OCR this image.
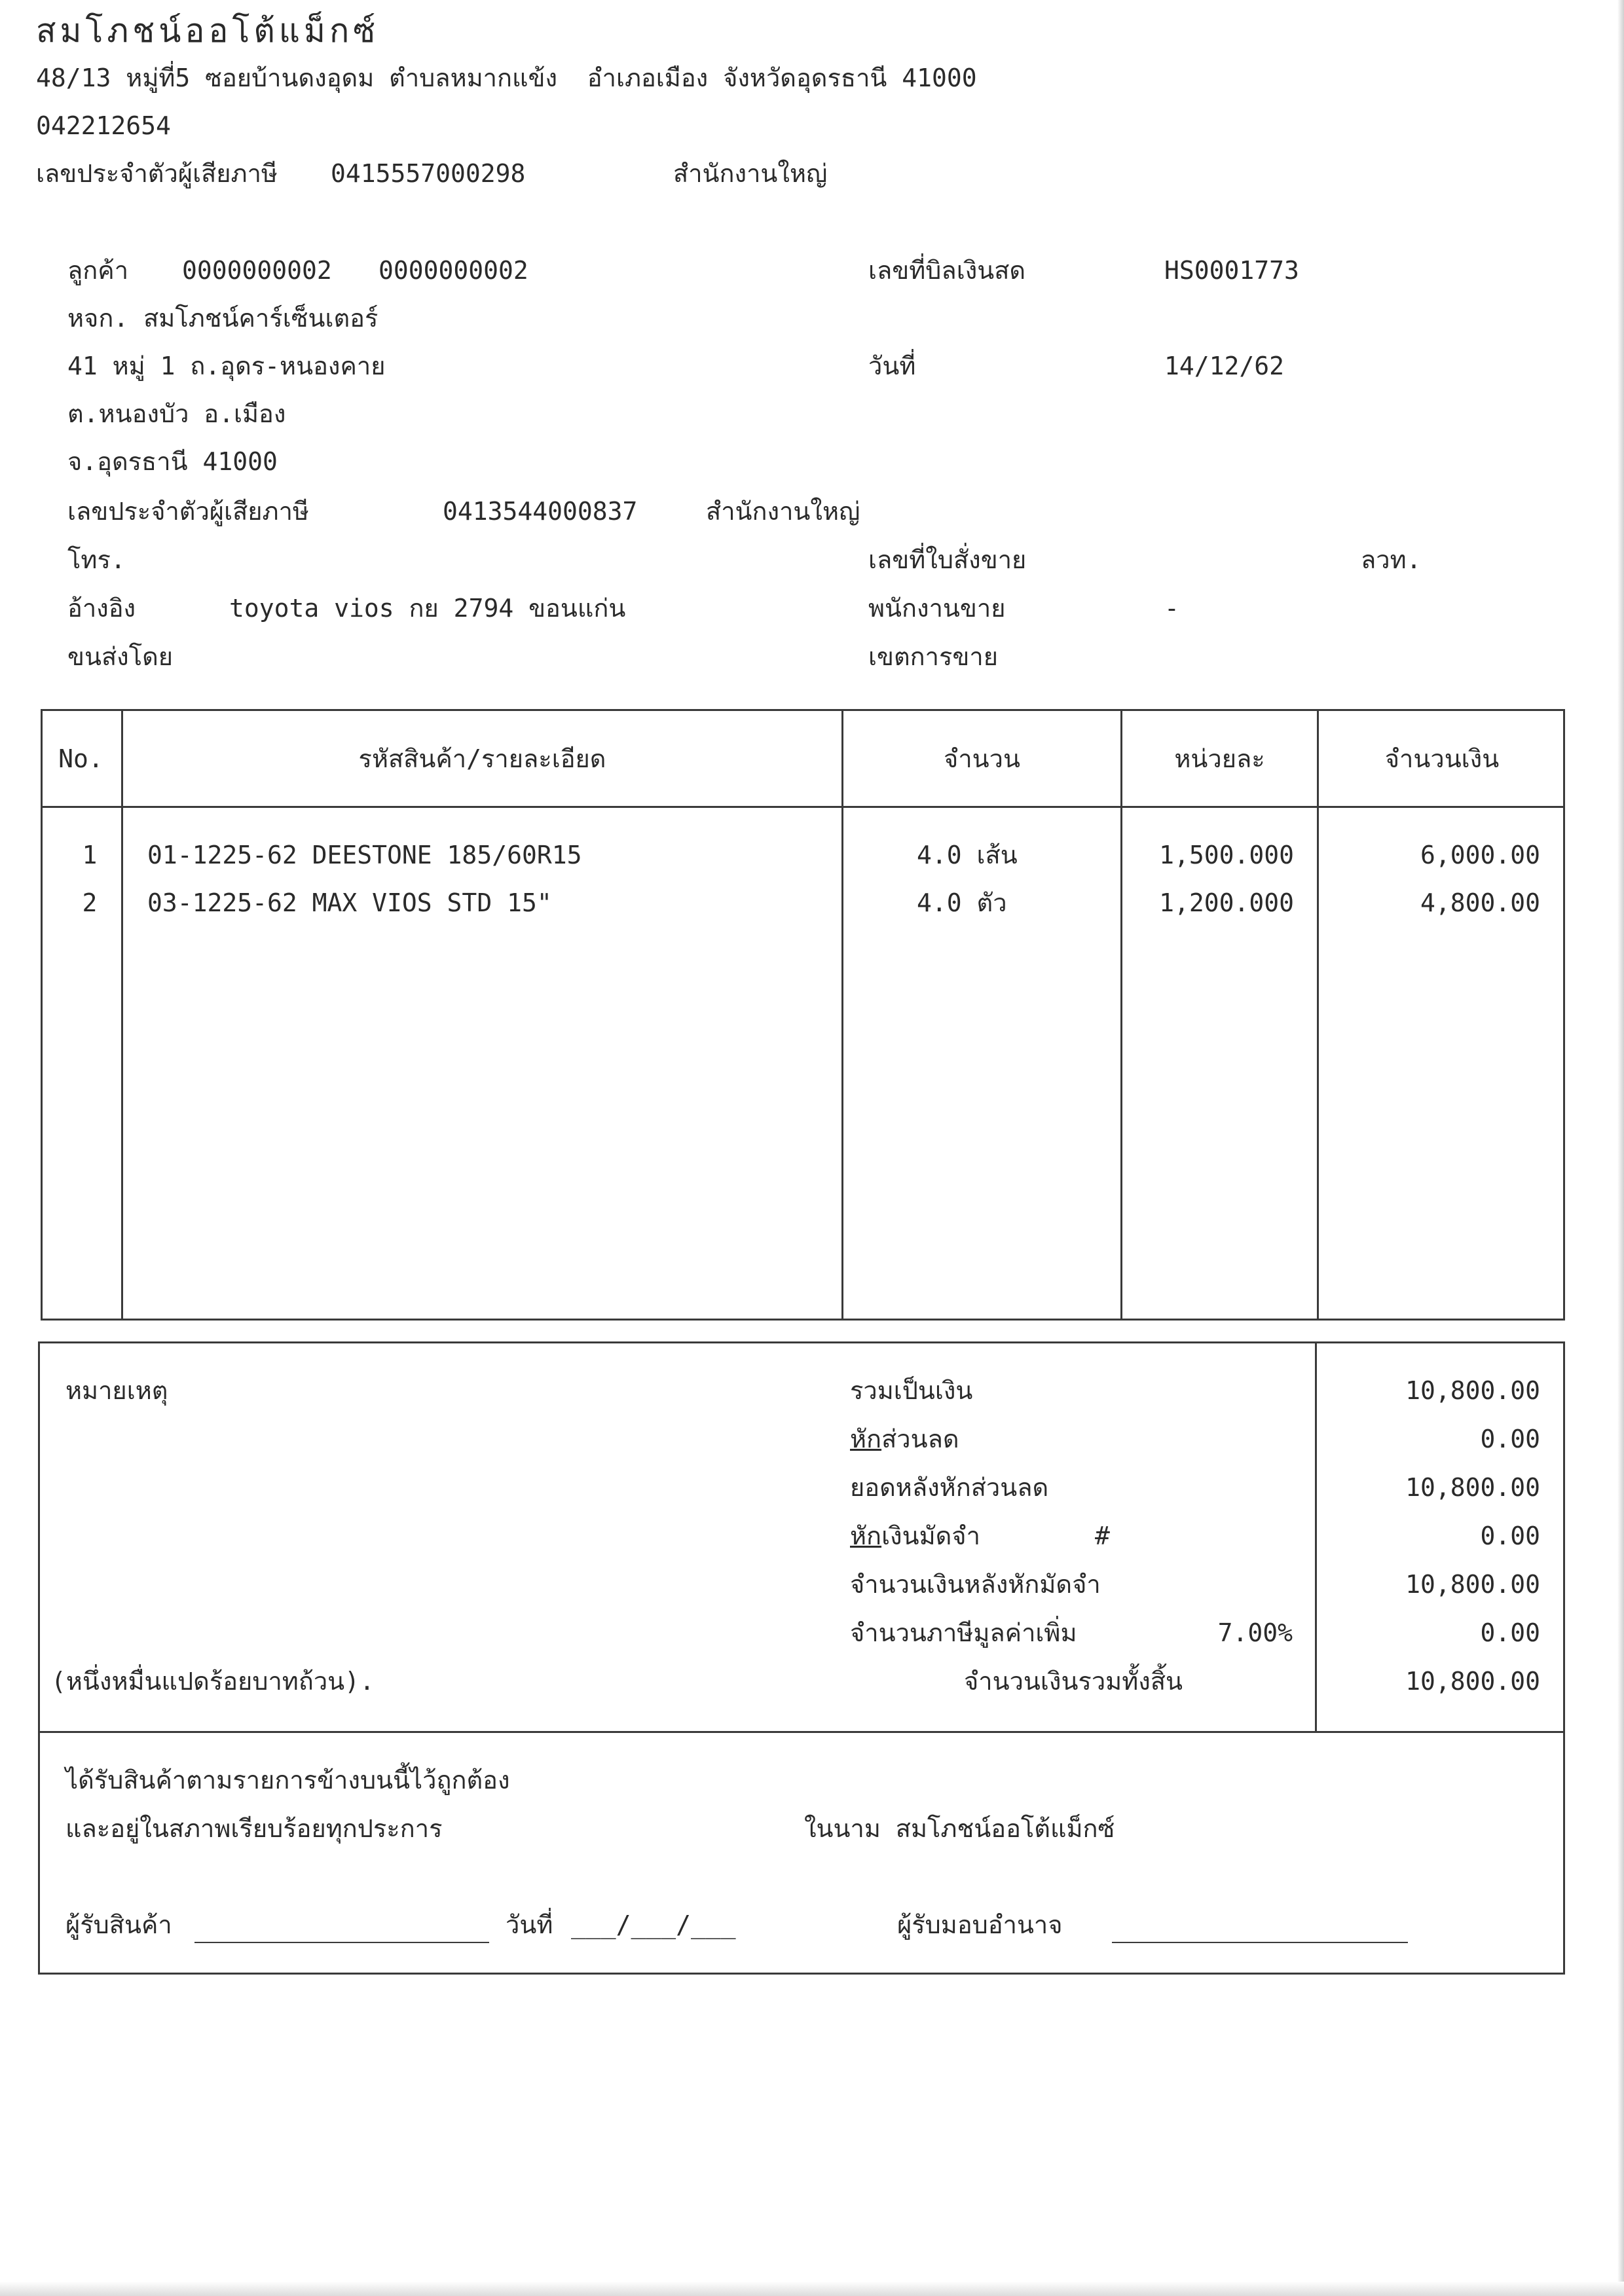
สมโภชน์ออโต้แม็กซ์
48/13 หมู่ที่5 ซอยบ้านดงอุดม ตำบลหมากแข้ง  อำเภอเมือง จังหวัดอุดรธานี 41000
042212654
เลขประจำตัวผู้เสียภาษี 0415557000298	สำนักงานใหญ่
ลูกค้า 0000000002 0000000002
หจก. สมโภชน์คาร์เซ็นเตอร์
41 หมู่ 1 ถ.อุดร-หนองคาย
ต.หนองบัว อ.เมือง
จ.อุดรธานี 41000
เลขประจำตัวผู้เสียภาษี	0413544000837	สำนักงานใหญ่
โทร.
อ้างอิง	toyota vios กย 2794 ขอนแก่น
ขนส่งโดย
เลขที่บิลเงินสด	HS0001773
วันที่	14/12/62
เลขที่ใบสั่งขาย	ลวท.
พนักงานขาย	-
เขตการขาย
No.	รหัสสินค้า/รายละเอียด	จำนวน	หน่วยละ	จำนวนเงิน
1	01-1225-62 DEESTONE 185/60R15	4.0 เส้น	1,500.000	6,000.00
2	03-1225-62 MAX VIOS STD 15"	4.0 ตัว	1,200.000	4,800.00
หมายเหตุ	รวมเป็นเงิน	10,800.00
หักส่วนลด	0.00
ยอดหลังหักส่วนลด	10,800.00
หักเงินมัดจำ	#	0.00
จำนวนเงินหลังหักมัดจำ	10,800.00
จำนวนภาษีมูลค่าเพิ่ม	7.00%	0.00
(หนึ่งหมื่นแปดร้อยบาทถ้วน).	จำนวนเงินรวมทั้งสิ้น	10,800.00
ได้รับสินค้าตามรายการข้างบนนี้ไว้ถูกต้อง
และอยู่ในสภาพเรียบร้อยทุกประการ	ในนาม สมโภชน์ออโต้แม็กซ์
ผู้รับสินค้า	วันที่ ___/___/___	ผู้รับมอบอำนาจ
